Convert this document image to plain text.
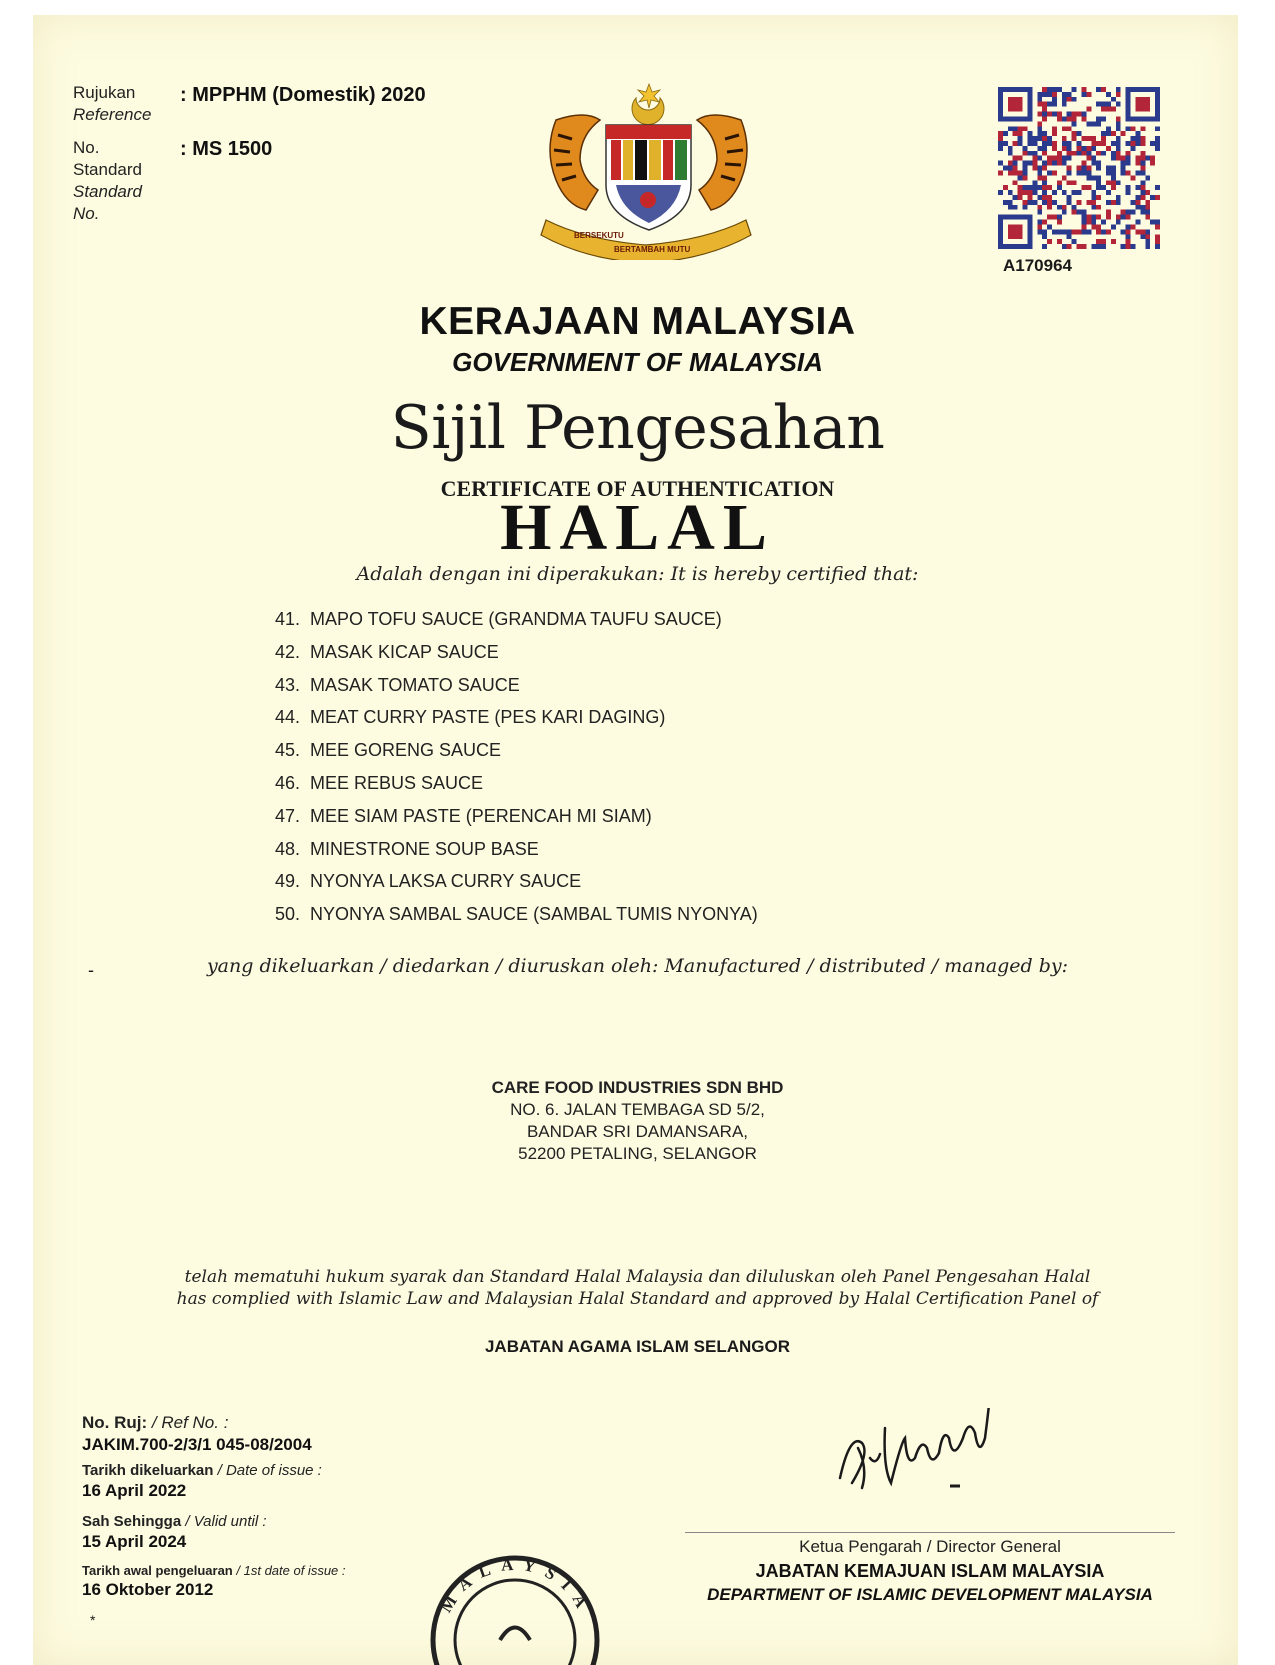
Rujukan
Reference
: MPPHM (Domestik) 2020
No.
Standard
Standard
No.
: MS 1500
BERSEKUTU
BERTAMBAH MUTU
A170964
KERAJAAN MALAYSIA
GOVERNMENT OF MALAYSIA
Sijil Pengesahan
CERTIFICATE OF AUTHENTICATION
HALAL
Adalah dengan ini diperakukan: It is hereby certified that:
41. MAPO TOFU SAUCE (GRANDMA TAUFU SAUCE)
42. MASAK KICAP SAUCE
43. MASAK TOMATO SAUCE
44. MEAT CURRY PASTE (PES KARI DAGING)
45. MEE GORENG SAUCE
46. MEE REBUS SAUCE
47. MEE SIAM PASTE (PERENCAH MI SIAM)
48. MINESTRONE SOUP BASE
49. NYONYA LAKSA CURRY SAUCE
50. NYONYA SAMBAL SAUCE (SAMBAL TUMIS NYONYA)
-	yang dikeluarkan / diedarkan / diuruskan oleh: Manufactured / distributed / managed by:
CARE FOOD INDUSTRIES SDN BHD
NO. 6. JALAN TEMBAGA SD 5/2,
BANDAR SRI DAMANSARA,
52200 PETALING, SELANGOR
telah mematuhi hukum syarak dan Standard Halal Malaysia dan diluluskan oleh Panel Pengesahan Halal
has complied with Islamic Law and Malaysian Halal Standard and approved by Halal Certification Panel of
JABATAN AGAMA ISLAM SELANGOR
No. Ruj: / Ref No. :
JAKIM.700-2/3/1 045-08/2004
Tarikh dikeluarkan / Date of issue :
16 April 2022
Sah Sehingga / Valid until :
15 April 2024
Tarikh awal pengeluaran / 1st date of issue :
16 Oktober 2012
*
MALAYSIA
Ketua Pengarah / Director General
JABATAN KEMAJUAN ISLAM MALAYSIA
DEPARTMENT OF ISLAMIC DEVELOPMENT MALAYSIA
